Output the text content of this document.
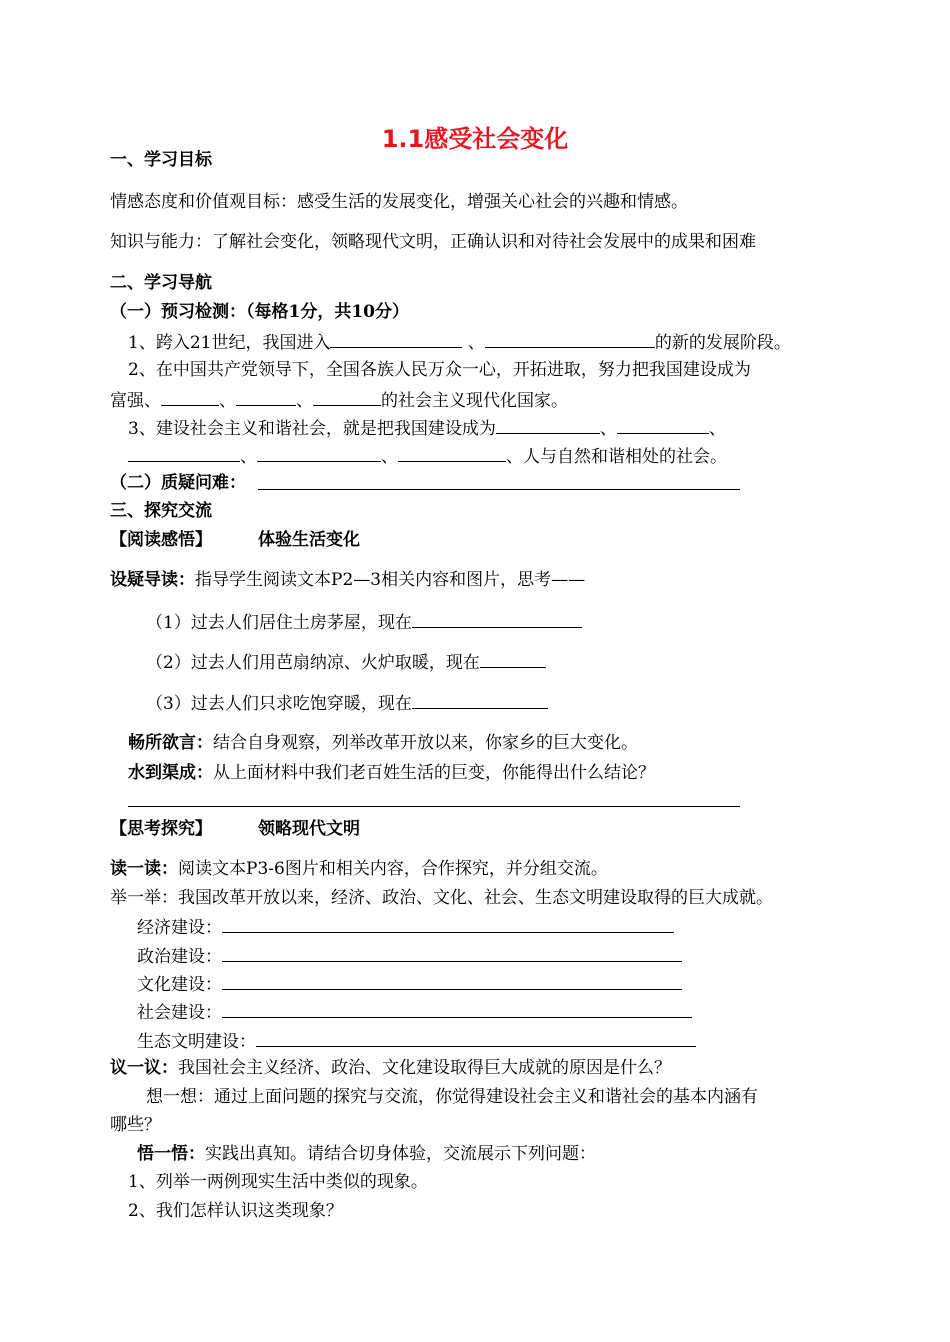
1.1感受社会变化
一、学习目标
情感态度和价值观目标：感受生活的发展变化，增强关心社会的兴趣和情感。
知识与能力：了解社会变化，领略现代文明，正确认识和对待社会发展中的成果和困难
二、学习导航
（一）预习检测：（每格1分，共10分）
1、跨入21世纪，我国进入	、	的新的发展阶段。
2、在中国共产党领导下，全国各族人民万众一心，开拓进取，努力把我国建设成为
富强、	、	、	的社会主义现代化国家。
3、建设社会主义和谐社会，就是把我国建设成为	、	、
、	、	、人与自然和谐相处的社会。
（二）质疑问难：
三、探究交流
【阅读感悟】	体验生活变化
设疑导读：指导学生阅读文本P2—3相关内容和图片，思考——
（1）过去人们居住土房茅屋，现在
（2）过去人们用芭扇纳凉、火炉取暖，现在
（3）过去人们只求吃饱穿暖，现在
畅所欲言：结合自身观察，列举改革开放以来，你家乡的巨大变化。
水到渠成：从上面材料中我们老百姓生活的巨变，你能得出什么结论？
【思考探究】	领略现代文明
读一读：阅读文本P3-6图片和相关内容，合作探究，并分组交流。
举一举：我国改革开放以来，经济、政治、文化、社会、生态文明建设取得的巨大成就。
经济建设：
政治建设：
文化建设：
社会建设：
生态文明建设：
议一议：我国社会主义经济、政治、文化建设取得巨大成就的原因是什么？
想一想：通过上面问题的探究与交流，你觉得建设社会主义和谐社会的基本内涵有
哪些？
悟一悟：实践出真知。请结合切身体验，交流展示下列问题：
1、列举一两例现实生活中类似的现象。
2、我们怎样认识这类现象？
